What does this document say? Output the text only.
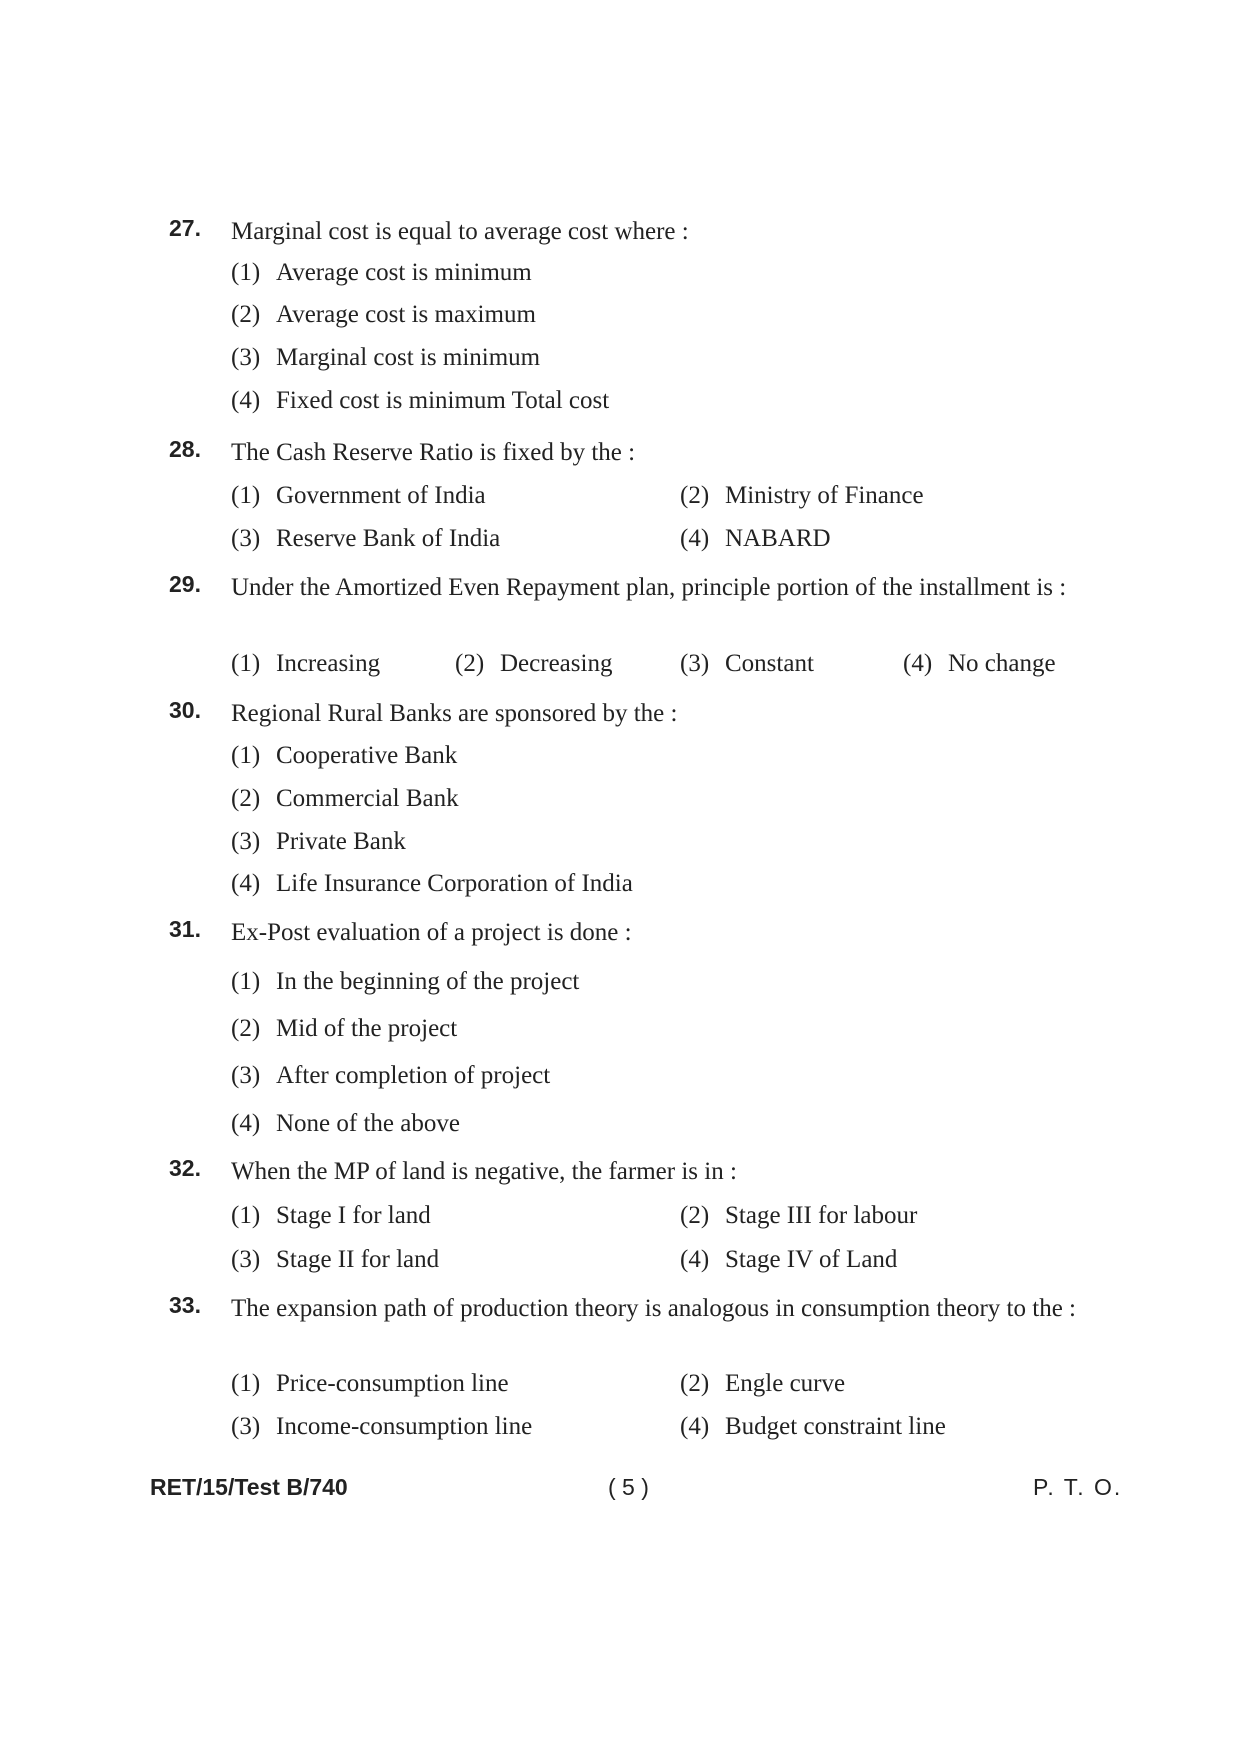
27.	Marginal cost is equal to average cost where :
(1) Average cost is minimum
(2) Average cost is maximum
(3) Marginal cost is minimum
(4) Fixed cost is minimum Total cost
28.	The Cash Reserve Ratio is fixed by the :
(1) Government of India	(2) Ministry of Finance
(3) Reserve Bank of India	(4) NABARD
29.	Under the Amortized Even Repayment plan, principle portion of the installment is :
(1) Increasing	(2) Decreasing	(3) Constant	(4) No change
30.	Regional Rural Banks are sponsored by the :
(1) Cooperative Bank
(2) Commercial Bank
(3) Private Bank
(4) Life Insurance Corporation of India
31.	Ex-Post evaluation of a project is done :
(1) In the beginning of the project
(2) Mid of the project
(3) After completion of project
(4) None of the above
32.	When the MP of land is negative, the farmer is in :
(1) Stage I for land	(2) Stage III for labour
(3) Stage II for land	(4) Stage IV of Land
33.	The expansion path of production theory is analogous in consumption theory to the :
(1) Price-consumption line	(2) Engle curve
(3) Income-consumption line	(4) Budget constraint line
RET/15/Test B/740	( 5 )	P. T. O.
